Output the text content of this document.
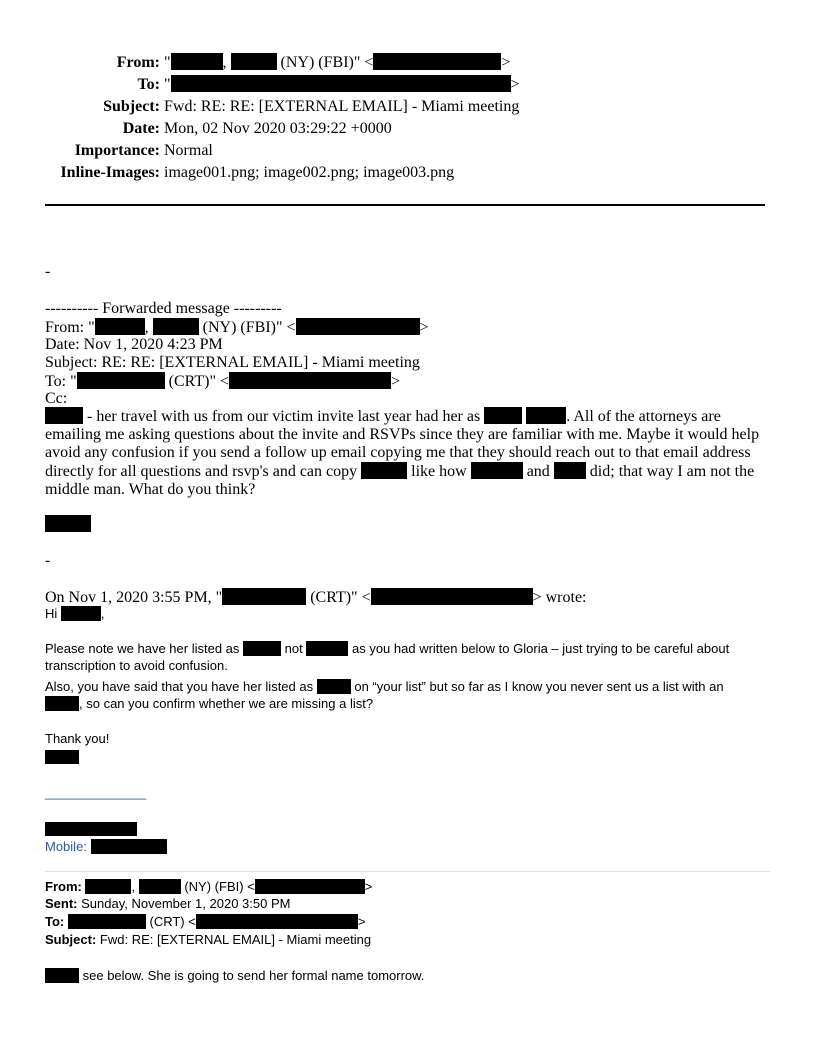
From: "	,	(NY) (FBI)" <	>
To: "	>
Subject: Fwd: RE: RE: [EXTERNAL EMAIL] - Miami meeting
Date: Mon, 02 Nov 2020 03:29:22 +0000
Importance: Normal
Inline-Images: image001.png; image002.png; image003.png
-
---------- Forwarded message ---------
From: "	,	(NY) (FBI)" <	>
Date: Nov 1, 2020 4:23 PM
Subject: RE: RE: [EXTERNAL EMAIL] - Miami meeting
To: "	(CRT)" <	>
Cc:
- her travel with us from our victim invite last year had her as	. All of the attorneys are
emailing me asking questions about the invite and RSVPs since they are familiar with me. Maybe it would help
avoid any confusion if you send a follow up email copying me that they should reach out to that email address
directly for all questions and rsvp's and can copy	like how	and	did; that way I am not the
middle man. What do you think?
-
On Nov 1, 2020 3:55 PM, "	(CRT)" <	> wrote:
Hi	,
Please note we have her listed as	not	as you had written below to Gloria – just trying to be careful about
transcription to avoid confusion.
Also, you have said that you have her listed as	on “your list” but so far as I know you never sent us a list with an
, so can you confirm whether we are missing a list?
Thank you!
______________
Mobile:
From:	,	(NY) (FBI) <	>
Sent: Sunday, November 1, 2020 3:50 PM
To:	(CRT) <	>
Subject: Fwd: RE: [EXTERNAL EMAIL] - Miami meeting
see below. She is going to send her formal name tomorrow.
